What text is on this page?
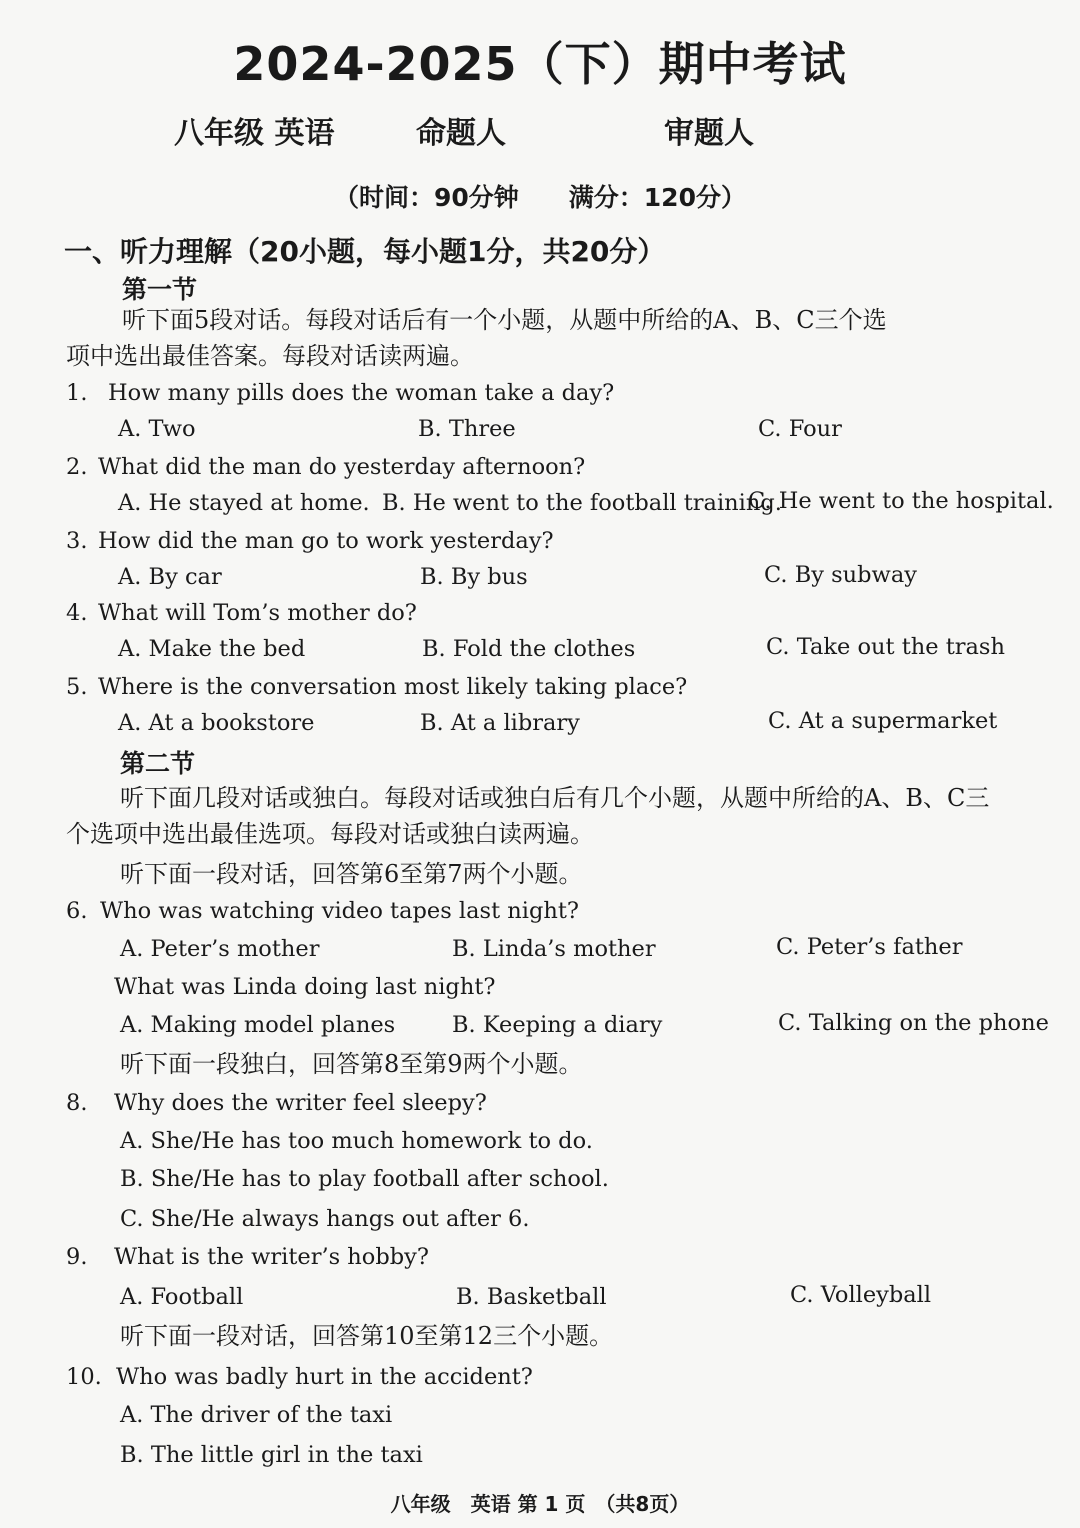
2024-2025（下）期中考试
八年级 英语	命题人	审题人
（时间：90分钟　　满分：120分）
一、听力理解（20小题，每小题1分，共20分）
第一节
听下面5段对话。每段对话后有一个小题，从题中所给的A、B、C三个选
项中选出最佳答案。每段对话读两遍。
1. How many pills does the woman take a day?
A. Two	B. Three	C. Four
2. What did the man do yesterday afternoon?
A. He stayed at home. B. He went to the football training.
C. He went to the hospital.
3. How did the man go to work yesterday?
A. By car	B. By bus	C. By subway
4. What will Tom’s mother do?
A. Make the bed	B. Fold the clothes	C. Take out the trash
5. Where is the conversation most likely taking place?
A. At a bookstore	B. At a library	C. At a supermarket
第二节
听下面几段对话或独白。每段对话或独白后有几个小题，从题中所给的A、B、C三
个选项中选出最佳选项。每段对话或独白读两遍。
听下面一段对话，回答第6至第7两个小题。
6. Who was watching video tapes last night?
A. Peter’s mother	B. Linda’s mother	C. Peter’s father
What was Linda doing last night?
A. Making model planes	B. Keeping a diary	C. Talking on the phone
听下面一段独白，回答第8至第9两个小题。
8. Why does the writer feel sleepy?
A. She/He has too much homework to do.
B. She/He has to play football after school.
C. She/He always hangs out after 6.
9. What is the writer’s hobby?
A. Football	B. Basketball	C. Volleyball
听下面一段对话，回答第10至第12三个小题。
10. Who was badly hurt in the accident?
A. The driver of the taxi
B. The little girl in the taxi
八年级　英语 第 1 页　（共8页）
